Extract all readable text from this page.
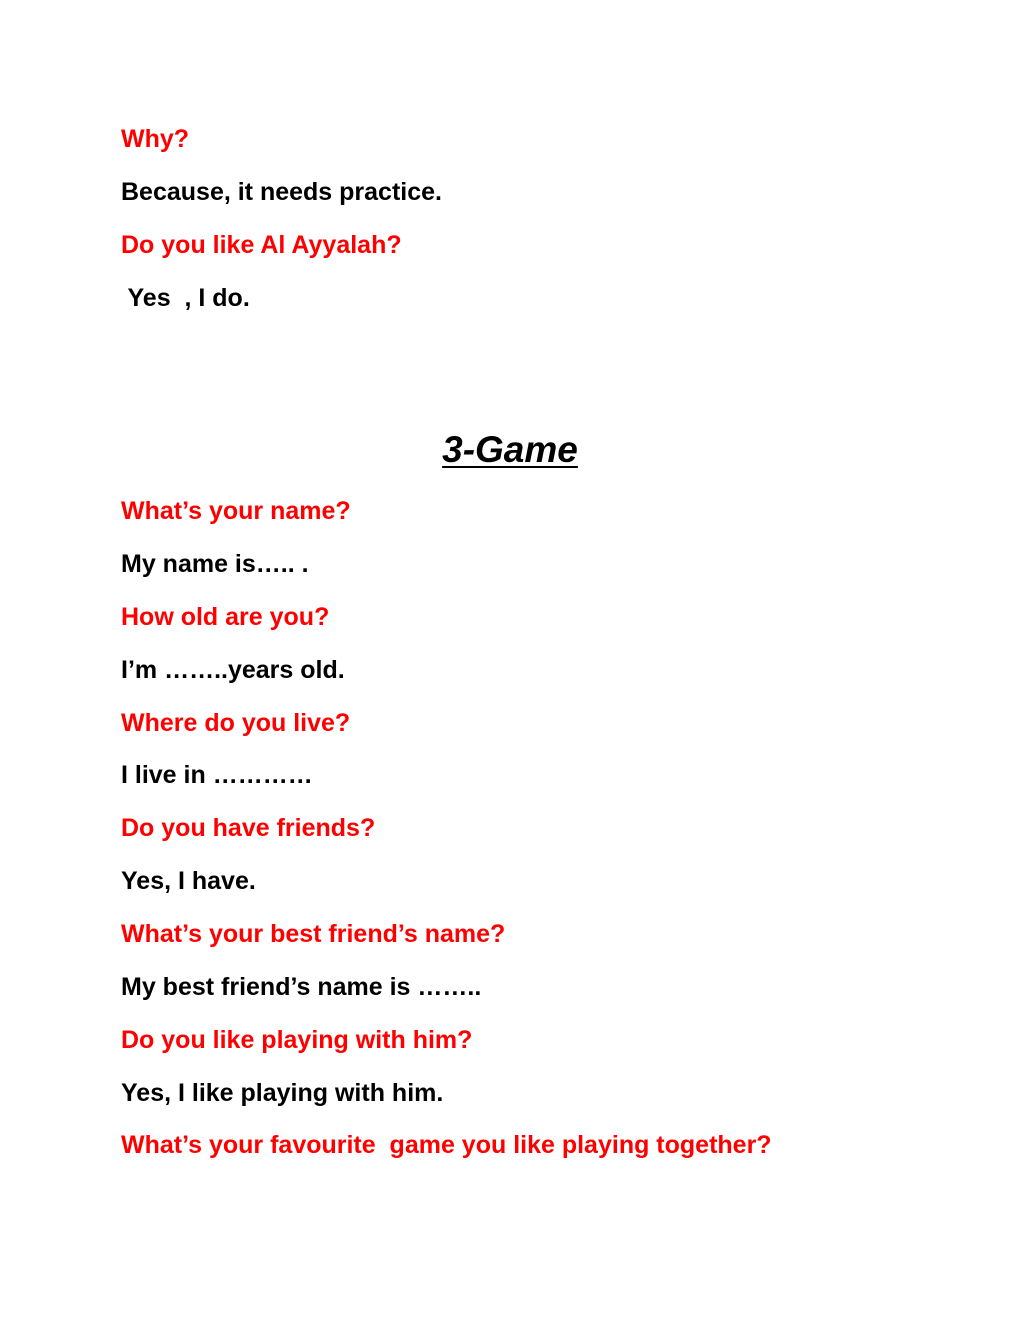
Why?

Because, it needs practice.

Do you like Al Ayyalah?

Yes  , I do.

3-Game

What’s your name?

My name is….. .

How old are you?

I’m ……..years old.

Where do you live?

I live in …………

Do you have friends?

Yes, I have.

What’s your best friend’s name?

My best friend’s name is ……..

Do you like playing with him?

Yes, I like playing with him.

What’s your favourite  game you like playing together?
